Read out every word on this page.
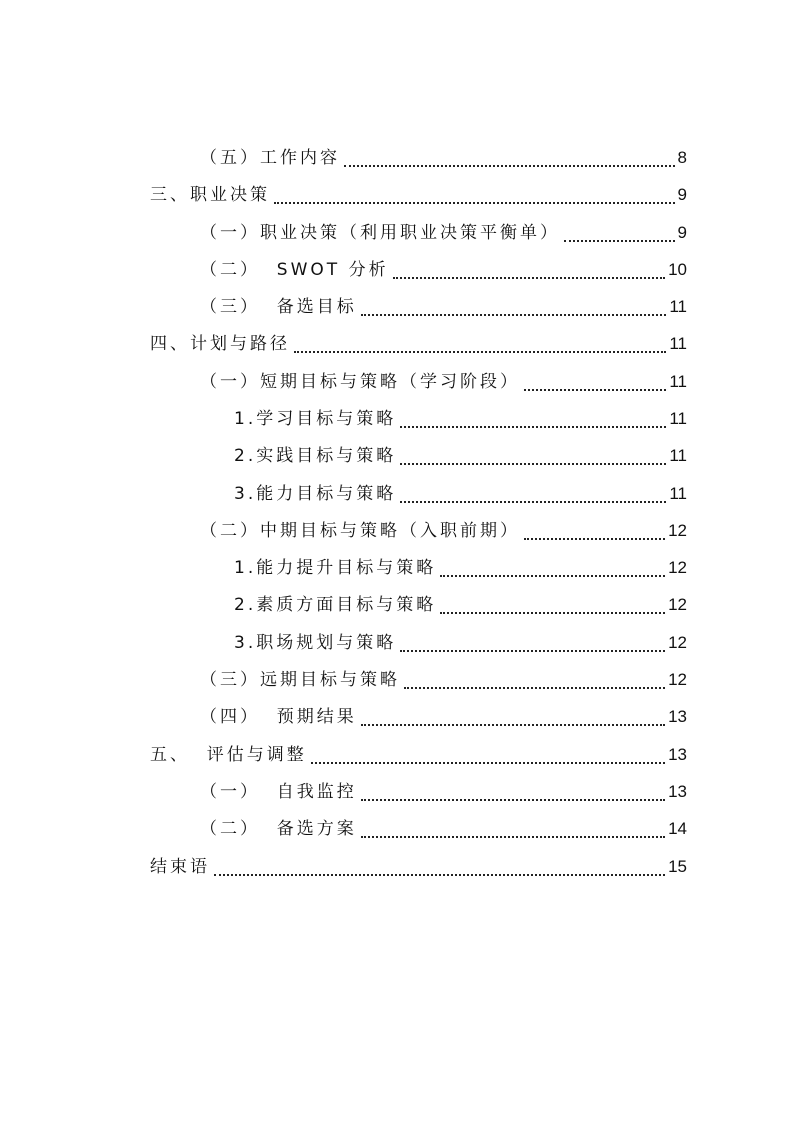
（五）工作内容	8
三、职业决策	9
（一）职业决策（利用职业决策平衡单）	9
（二）  SWOT 分析	10
（三）  备选目标	11
四、计划与路径	11
（一）短期目标与策略（学习阶段）	11
1.学习目标与策略	11
2.实践目标与策略	11
3.能力目标与策略	11
（二）中期目标与策略（入职前期）	12
1.能力提升目标与策略	12
2.素质方面目标与策略	12
3.职场规划与策略	12
（三）远期目标与策略	12
（四）  预期结果	13
五、  评估与调整	13
（一）  自我监控	13
（二）  备选方案	14
结束语	15
